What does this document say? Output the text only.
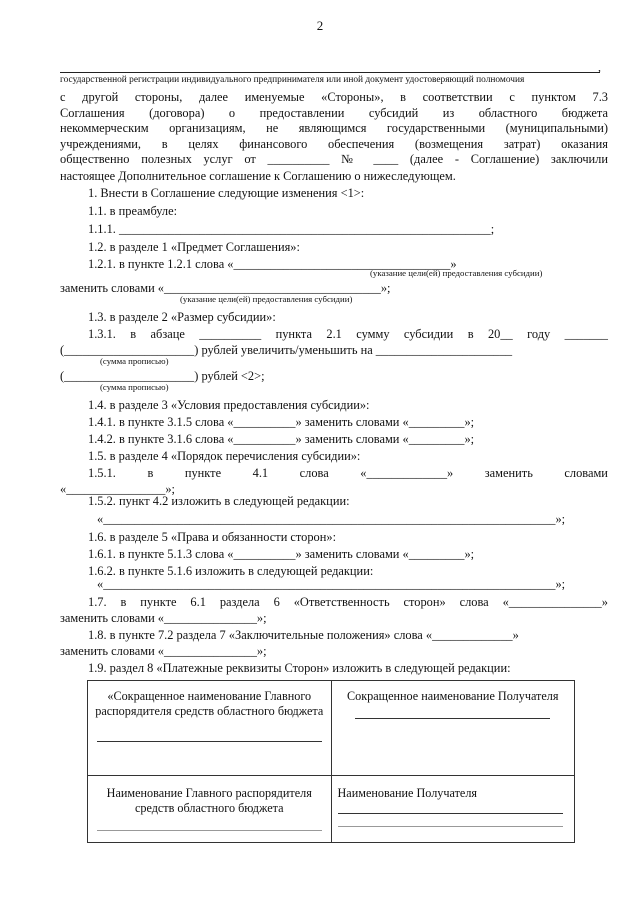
2
,
государственной регистрации индивидуального предпринимателя или иной документ удостоверяющий полномочия
с другой стороны, далее именуемые «Стороны», в соответствии с пунктом 7.3
Соглашения (договора) о предоставлении субсидий из областного бюджета
некоммерческим организациям, не являющимся государственными (муниципальными)
учреждениями, в целях финансового обеспечения (возмещения затрат) оказания
общественно полезных услуг от __________ № ____ (далее - Соглашение) заключили
настоящее Дополнительное соглашение к Соглашению о нижеследующем.
1. Внести в Соглашение следующие изменения <1>:
1.1. в преамбуле:
1.1.1. ____________________________________________________________;
1.2. в разделе 1 «Предмет Соглашения»:
1.2.1. в пункте 1.2.1 слова «___________________________________»
(указание цели(ей) предоставления субсидии)
заменить словами «___________________________________»;
(указание цели(ей) предоставления субсидии)
1.3. в разделе 2 «Размер субсидии»:
1.3.1. в абзаце __________ пункта 2.1 сумму субсидии в 20__ году _______
(_____________________) рублей увеличить/уменьшить на ______________________
(сумма прописью)
(_____________________) рублей <2>;
(сумма прописью)
1.4. в разделе 3 «Условия предоставления субсидии»:
1.4.1. в пункте 3.1.5 слова «__________» заменить словами «_________»;
1.4.2. в пункте 3.1.6 слова «__________» заменить словами «_________»;
1.5. в разделе 4 «Порядок перечисления субсидии»:
1.5.1.	в	пункте	4.1	слова	«_____________»	заменить	словами
«________________»;
1.5.2. пункт 4.2 изложить в следующей редакции:
«_________________________________________________________________________»;
1.6. в разделе 5 «Права и обязанности сторон»:
1.6.1. в пункте 5.1.3 слова «__________» заменить словами «_________»;
1.6.2. в пункте 5.1.6 изложить в следующей редакции:
«_________________________________________________________________________»;
1.7. в пункте 6.1 раздела 6 «Ответственность сторон» слова «_______________»
заменить словами «_______________»;
1.8. в пункте 7.2 раздела 7 «Заключительные положения» слова «_____________»
заменить словами «_______________»;
1.9. раздел 8 «Платежные реквизиты Сторон» изложить в следующей редакции:
«Сокращенное наименование Главного распорядителя средств областного бюджета	Сокращенное наименование Получателя

Наименование Главного распорядителя средств областного бюджета	Наименование Получателя
